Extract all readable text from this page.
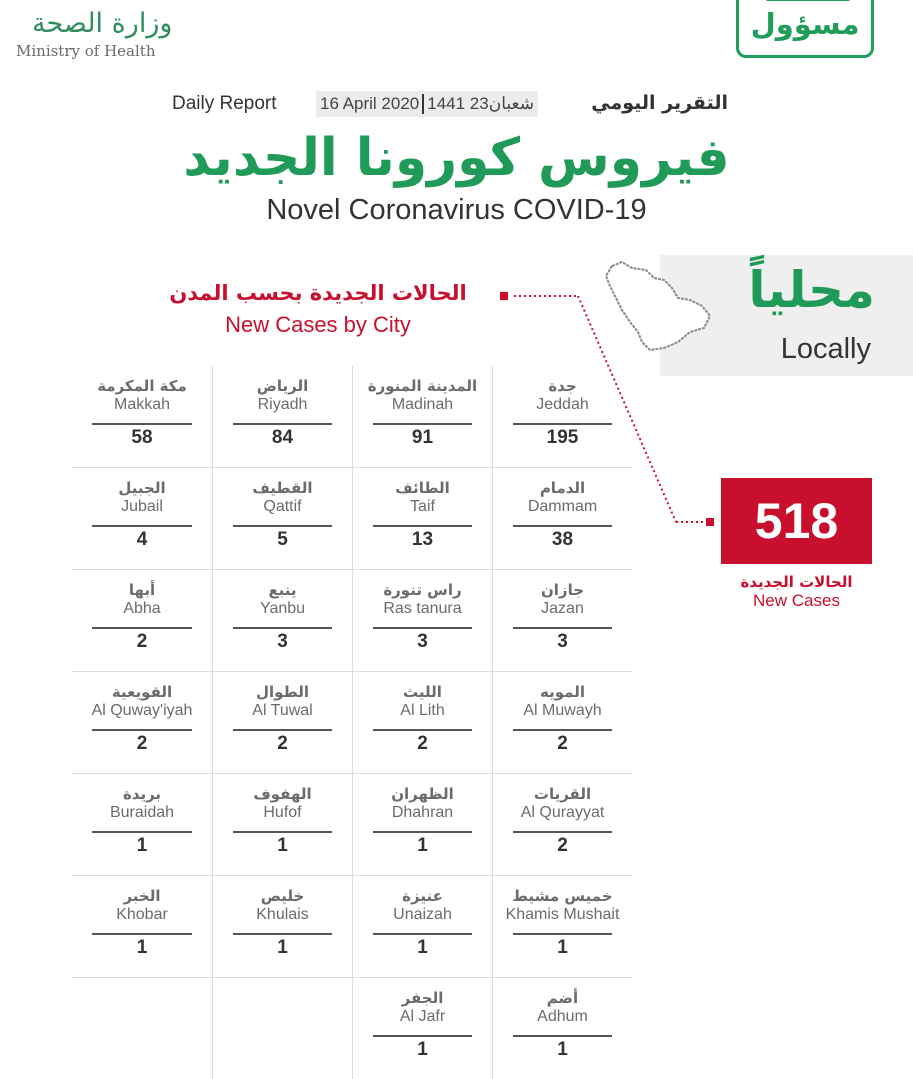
وزارة الصحة
Ministry of Health
مسؤول
Daily Report	16 April 2020 1441 23شعبان	التقرير اليومي
فيروس كورونا الجديد
Novel Coronavirus COVID-19
محلياً
Locally
الحالات الجديدة بحسب المدن
New Cases by City
518
الحالات الجديدة
New Cases
جدة
Jeddah
195
المدينة المنورة
Madinah
91
الرياض
Riyadh
84
مكة المكرمة
Makkah
58
الدمام
Dammam
38
الطائف
Taif
13
القطيف
Qattif
5
الجبيل
Jubail
4
جازان
Jazan
3
راس تنورة
Ras tanura
3
ينبع
Yanbu
3
أبها
Abha
2
المويه
Al Muwayh
2
الليث
Al Lith
2
الطوال
Al Tuwal
2
القويعية
Al Quway'iyah
2
القريات
Al Qurayyat
2
الظهران
Dhahran
1
الهفوف
Hufof
1
بريدة
Buraidah
1
خميس مشيط
Khamis Mushait
1
عنيزة
Unaizah
1
خليص
Khulais
1
الخبر
Khobar
1
أضم
Adhum
1
الجفر
Al Jafr
1
